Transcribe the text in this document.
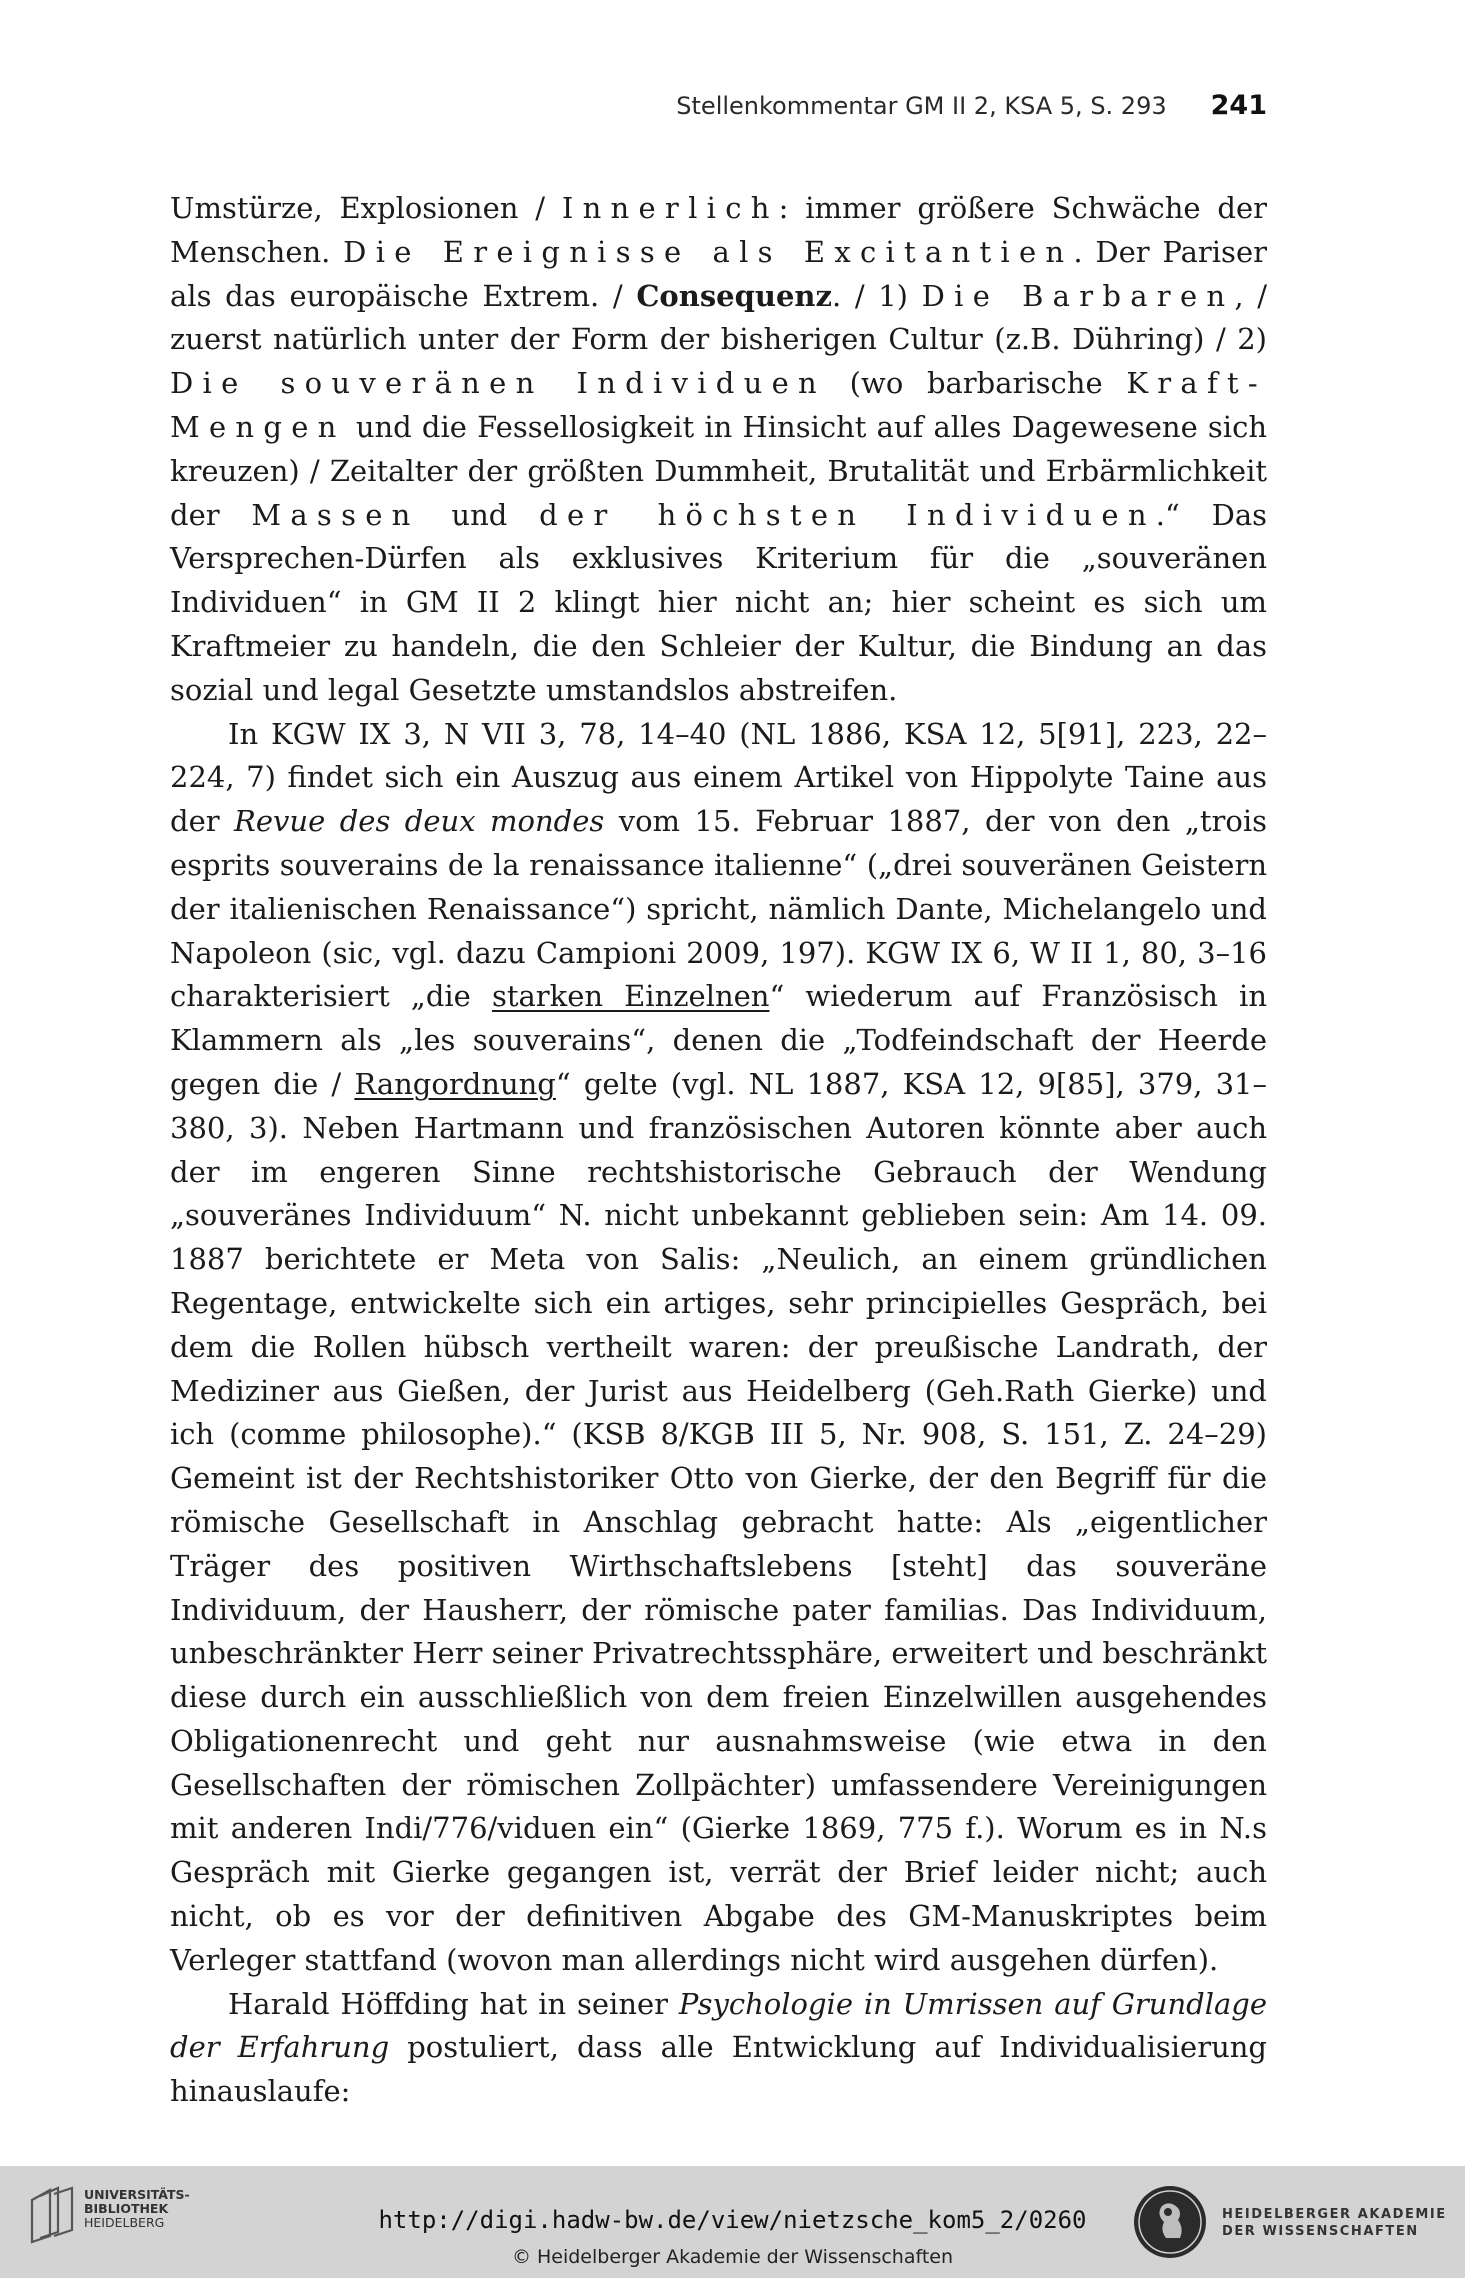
Stellenkommentar GM II 2, KSA 5, S. 293 241

Umstürze, Explosionen / Innerlich: immer größere Schwäche der Menschen. Die Ereignisse als Excitantien. Der Pariser als das europäische Extrem. / Consequenz. / 1) Die Barbaren, / zuerst natürlich unter der Form der bisherigen Cultur (z.B. Dühring) / 2) Die souveränen Individuen (wo barbarische Kraft-Mengen und die Fessellosigkeit in Hinsicht auf alles Dagewesene sich kreuzen) / Zeitalter der größten Dummheit, Brutalität und Erbärmlichkeit der Massen und der höchsten Individuen.“ Das Versprechen-Dürfen als exklusives Kriterium für die „souveränen Individuen“ in GM II 2 klingt hier nicht an; hier scheint es sich um Kraftmeier zu handeln, die den Schleier der Kultur, die Bindung an das sozial und legal Gesetzte umstandslos abstreifen.

In KGW IX 3, N VII 3, 78, 14–40 (NL 1886, KSA 12, 5[91], 223, 22–224, 7) findet sich ein Auszug aus einem Artikel von Hippolyte Taine aus der Revue des deux mondes vom 15. Februar 1887, der von den „trois esprits souverains de la renaissance italienne“ („drei souveränen Geistern der italienischen Renaissance“) spricht, nämlich Dante, Michelangelo und Napoleon (sic, vgl. dazu Campioni 2009, 197). KGW IX 6, W II 1, 80, 3–16 charakterisiert „die starken Einzelnen“ wiederum auf Französisch in Klammern als „les souverains“, denen die „Todfeindschaft der Heerde gegen die / Rangordnung“ gelte (vgl. NL 1887, KSA 12, 9[85], 379, 31–380, 3). Neben Hartmann und französischen Autoren könnte aber auch der im engeren Sinne rechtshistorische Gebrauch der Wendung „souveränes Individuum“ N. nicht unbekannt geblieben sein: Am 14. 09. 1887 berichtete er Meta von Salis: „Neulich, an einem gründlichen Regentage, entwickelte sich ein artiges, sehr principielles Gespräch, bei dem die Rollen hübsch vertheilt waren: der preußische Landrath, der Mediziner aus Gießen, der Jurist aus Heidelberg (Geh.Rath Gierke) und ich (comme philosophe).“ (KSB 8/KGB III 5, Nr. 908, S. 151, Z. 24–29) Gemeint ist der Rechtshistoriker Otto von Gierke, der den Begriff für die römische Gesellschaft in Anschlag gebracht hatte: Als „eigentlicher Träger des positiven Wirthschaftslebens [steht] das souveräne Individuum, der Hausherr, der römische pater familias. Das Individuum, unbeschränkter Herr seiner Privatrechtssphäre, erweitert und beschränkt diese durch ein ausschließlich von dem freien Einzelwillen ausgehendes Obligationenrecht und geht nur ausnahmsweise (wie etwa in den Gesellschaften der römischen Zollpächter) umfassendere Vereinigungen mit anderen Indi/776/viduen ein“ (Gierke 1869, 775 f.). Worum es in N.s Gespräch mit Gierke gegangen ist, verrät der Brief leider nicht; auch nicht, ob es vor der definitiven Abgabe des GM-Manuskriptes beim Verleger stattfand (wovon man allerdings nicht wird ausgehen dürfen).

Harald Höffding hat in seiner Psychologie in Umrissen auf Grundlage der Erfahrung postuliert, dass alle Entwicklung auf Individualisierung hinauslaufe:

UNIVERSITÄTS-
BIBLIOTHEK
HEIDELBERG	http://digi.hadw-bw.de/view/nietzsche_kom5_2/0260
© Heidelberger Akademie der Wissenschaften
HEIDELBERGER AKADEMIE
DER WISSENSCHAFTEN
